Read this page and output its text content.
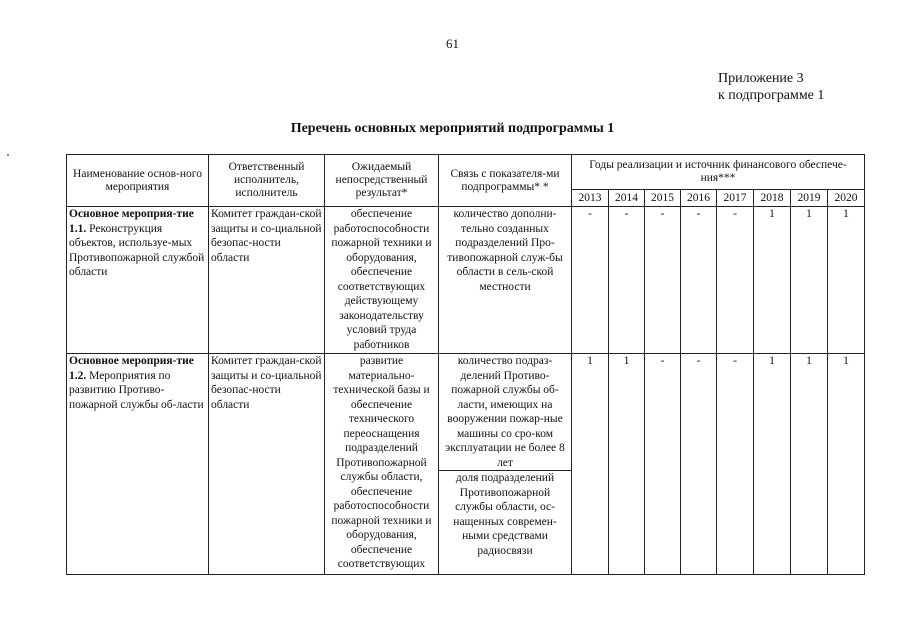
61
Приложение 3
к подпрограмме 1
Перечень основных мероприятий подпрограммы 1
Наименование основ-ного мероприятия	Ответственный исполнитель, исполнитель	Ожидаемый непосредственный результат*	Связь с показателя-ми подпрограммы* *	Годы реализации и источник финансового обеспече-ния***							
				2013	2014	2015	2016	2017	2018	2019	2020
Основное мероприя-тие 1.1. Реконструкция объектов, используе-мых Противопожарной службой области	Комитет граждан-ской защиты и со-циальной безопас-ности области	обеспечение работоспособности пожарной техники и оборудования, обеспечение соответствующих действующему законодательству условий труда работников	количество дополни-тельно созданных подразделений Про-тивопожарной служ-бы области в сель-ской местности	-	-	-	-	-	1	1	1
Основное мероприя-тие 1.2. Мероприятия по развитию Противо-пожарной службы об-ласти	Комитет граждан-ской защиты и со-циальной безопас-ности области	развитие материально-технической базы и обеспечение технического переоснащения подразделений Противопожарной службы области, обеспечение работоспособности пожарной техники и оборудования, обеспечение соответствующих	количество подраз-делений Противо-пожарной службы об-ласти, имеющих на вооружении пожар-ные машины со сро-ком эксплуатации не более 8 лет	1	1	-	-	-	1	1	1
			доля подразделений Противопожарной службы области, ос-нащенных современ-ными средствами радиосвязи								
